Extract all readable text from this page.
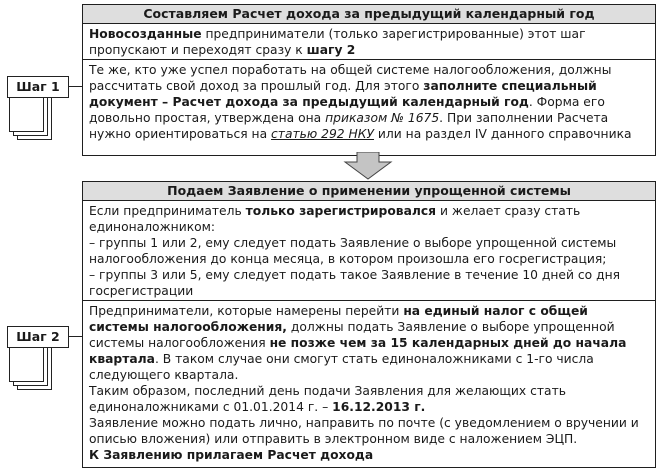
Шаг 1
Составляем Расчет дохода за предыдущий календарный год
Новосозданные предприниматели (только зарегистрированные) этот шаг пропускают и переходят сразу к шагу 2
Те же, кто уже успел поработать на общей системе налогообложения, должны рассчитать свой доход за прошлый год. Для этого заполните специальный документ – Расчет дохода за предыдущий календарный год. Форма его довольно простая, утверждена она приказом № 1675. При заполнении Расчета нужно ориентироваться на статью 292 НКУ или на раздел IV данного справочника
Шаг 2
Подаем Заявление о применении упрощенной системы
Если предприниматель только зарегистрировался и желает сразу стать единоналожником:
– группы 1 или 2, ему следует подать Заявление о выборе упрощенной системы налогообложения до конца месяца, в котором произошла его госрегистрация;
– группы 3 или 5, ему следует подать такое Заявление в течение 10 дней со дня госрегистрации
Предприниматели, которые намерены перейти на единый налог с общей системы налогообложения, должны подать Заявление о выборе упрощенной системы налогообложения не позже чем за 15 календарных дней до начала квартала. В таком случае они смогут стать единоналожниками с 1-го числа следующего квартала.
Таким образом, последний день подачи Заявления для желающих стать единоналожниками с 01.01.2014 г. – 16.12.2013 г.
Заявление можно подать лично, направить по почте (с уведомлением о вручении и описью вложения) или отправить в электронном виде с наложением ЭЦП.
К Заявлению прилагаем Расчет дохода
